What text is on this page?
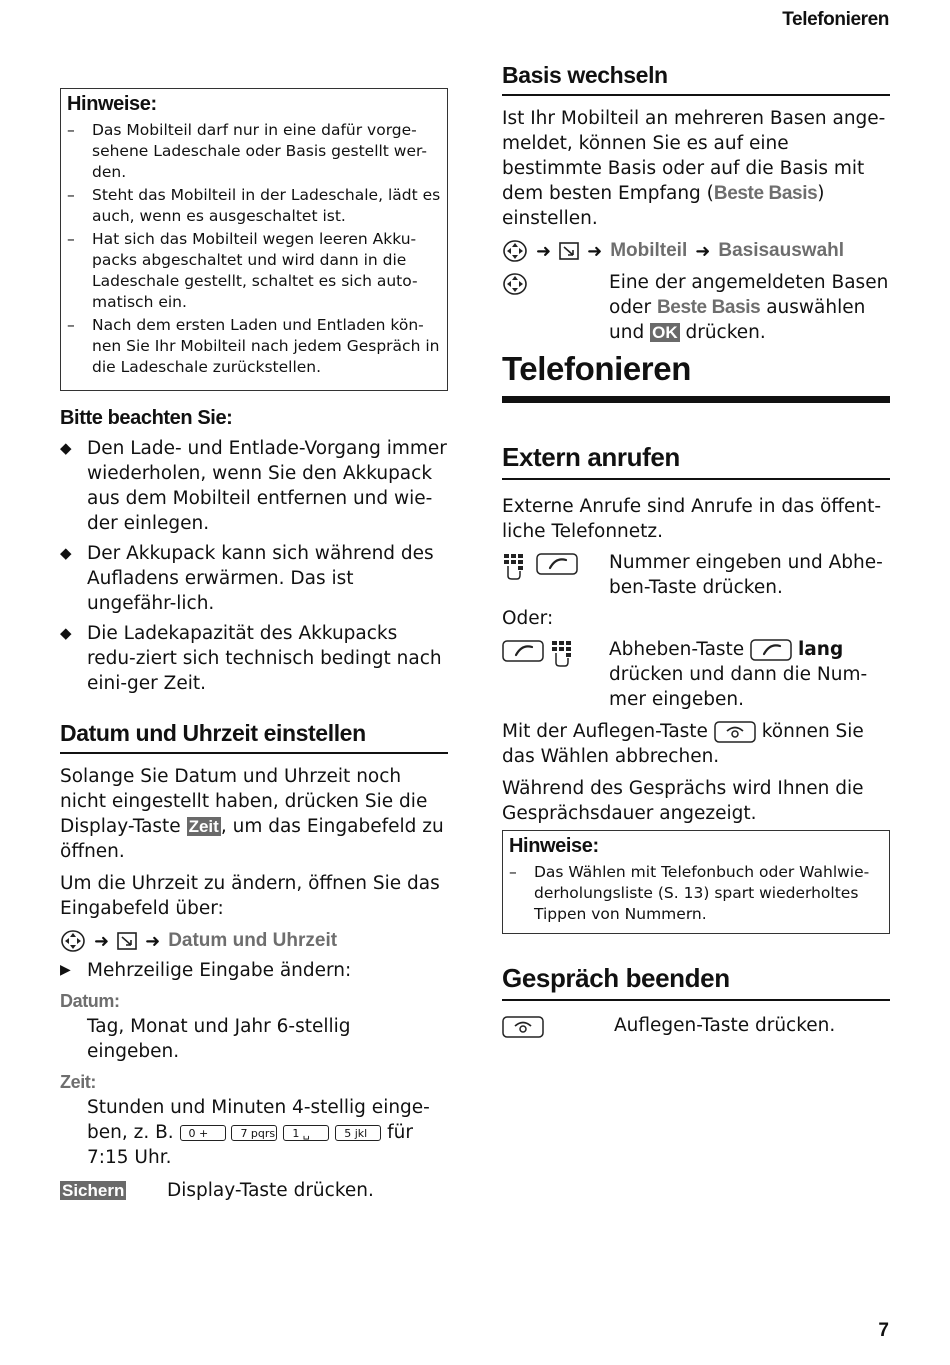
Telefonieren
Hinweise:
– Das Mobilteil darf nur in eine dafür vorge-sehene Ladeschale oder Basis gestellt wer-den.
– Steht das Mobilteil in der Ladeschale, lädt es auch, wenn es ausgeschaltet ist.
– Hat sich das Mobilteil wegen leeren Akku-packs abgeschaltet und wird dann in die Ladeschale gestellt, schaltet es sich auto-matisch ein.
– Nach dem ersten Laden und Entladen kön-nen Sie Ihr Mobilteil nach jedem Gespräch in die Ladeschale zurückstellen.
Bitte beachten Sie:
◆ Den Lade- und Entlade-Vorgang immer wiederholen, wenn Sie den Akkupack aus dem Mobilteil entfernen und wie-der einlegen.
◆ Der Akkupack kann sich während des Aufladens erwärmen. Das ist ungefähr-lich.
◆ Die Ladekapazität des Akkupacks redu-ziert sich technisch bedingt nach eini-ger Zeit.
Datum und Uhrzeit einstellen

Solange Sie Datum und Uhrzeit noch nicht eingestellt haben, drücken Sie die Display-Taste Zeit , um das Eingabefeld zu öffnen.

Um die Uhrzeit zu ändern, öffnen Sie das Eingabefeld über:

➜ ➜ Datum und Uhrzeit
▶ Mehrzeilige Eingabe ändern:
Datum:
Tag, Monat und Jahr 6-stellig eingeben.
Zeit:
Stunden und Minuten 4-stellig einge-ben, z. B. 0 +	7 pqrs 1 ␣	5 jkl für 7:15 Uhr.
Sichern	Display-Taste drücken.
Basis wechseln

Ist Ihr Mobilteil an mehreren Basen ange-meldet, können Sie es auf eine bestimmte Basis oder auf die Basis mit dem besten Empfang (Beste Basis) einstellen.

➜ ➜ Mobilteil ➜ Basisauswahl
Eine der angemeldeten Basen oder Beste Basis auswählen und OK drücken.
Telefonieren
Extern anrufen

Externe Anrufe sind Anrufe in das öffent-liche Telefonnetz.

Nummer eingeben und Abhe-ben-Taste drücken.
Oder:
Abheben-Taste	lang drücken und dann die Num-mer eingeben.

Mit der Auflegen-Taste	können Sie das Wählen abbrechen.

Während des Gesprächs wird Ihnen die Gesprächsdauer angezeigt.

Hinweise:
– Das Wählen mit Telefonbuch oder Wahlwie-derholungsliste (S. 13) spart wiederholtes Tippen von Nummern.
Gespräch beenden
Auflegen-Taste drücken.
7
